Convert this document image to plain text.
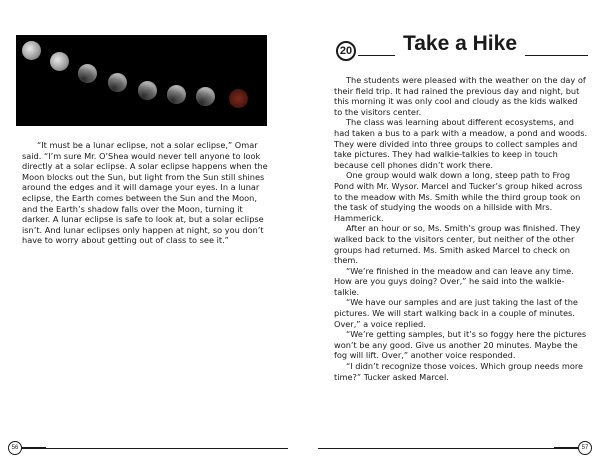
“It must be a lunar eclipse, not a solar eclipse,” Omar said. “I’m sure Mr. O’Shea would never tell anyone to look directly at a solar eclipse. A solar eclipse happens when the Moon blocks out the Sun, but light from the Sun still shines around the edges and it will damage your eyes. In a lunar eclipse, the Earth comes between the Sun and the Moon, and the Earth’s shadow falls over the Moon, turning it darker. A lunar eclipse is safe to look at, but a solar eclipse isn’t. And lunar eclipses only happen at night, so you don’t have to worry about getting out of class to see it.”

20	Take a Hike

The students were pleased with the weather on the day of their field trip. It had rained the previous day and night, but this morning it was only cool and cloudy as the kids walked to the visitors center.

The class was learning about different ecosystems, and had taken a bus to a park with a meadow, a pond and woods. They were divided into three groups to collect samples and take pictures. They had walkie-talkies to keep in touch because cell phones didn’t work there.

One group would walk down a long, steep path to Frog Pond with Mr. Wysor. Marcel and Tucker’s group hiked across to the meadow with Ms. Smith while the third group took on the task of studying the woods on a hillside with Mrs. Hammerick.

After an hour or so, Ms. Smith’s group was finished. They walked back to the visitors center, but neither of the other groups had returned. Ms. Smith asked Marcel to check on them.

“We’re finished in the meadow and can leave any time. How are you guys doing? Over,” he said into the walkie-talkie.

“We have our samples and are just taking the last of the pictures. We will start walking back in a couple of minutes. Over,” a voice replied.

“We’re getting samples, but it’s so foggy here the pictures won’t be any good. Give us another 20 minutes. Maybe the fog will lift. Over,” another voice responded.

“I didn’t recognize those voices. Which group needs more time?” Tucker asked Marcel.

56	57
